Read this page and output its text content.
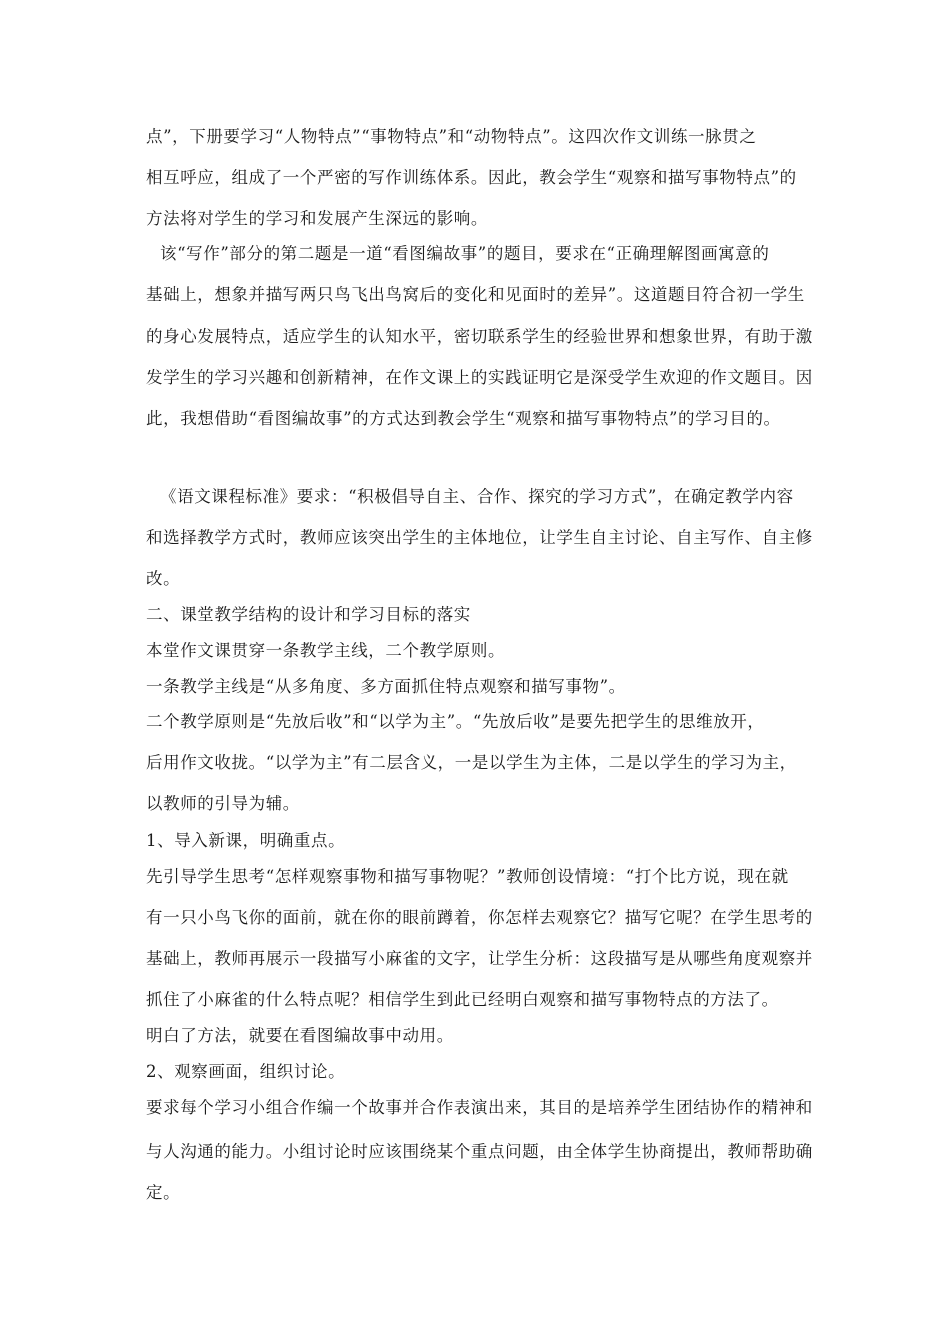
点”，下册要学习“人物特点”“事物特点”和“动物特点”。这四次作文训练一脉贯之
相互呼应，组成了一个严密的写作训练体系。因此，教会学生“观察和描写事物特点”的
方法将对学生的学习和发展产生深远的影响。
该“写作”部分的第二题是一道“看图编故事”的题目，要求在“正确理解图画寓意的
基础上，想象并描写两只鸟飞出鸟窝后的变化和见面时的差异”。这道题目符合初一学生
的身心发展特点，适应学生的认知水平，密切联系学生的经验世界和想象世界，有助于激
发学生的学习兴趣和创新精神，在作文课上的实践证明它是深受学生欢迎的作文题目。因
此，我想借助“看图编故事”的方式达到教会学生“观察和描写事物特点”的学习目的。
《语文课程标准》要求：“积极倡导自主、合作、探究的学习方式”，在确定教学内容
和选择教学方式时，教师应该突出学生的主体地位，让学生自主讨论、自主写作、自主修
改。
二、课堂教学结构的设计和学习目标的落实
本堂作文课贯穿一条教学主线，二个教学原则。
一条教学主线是“从多角度、多方面抓住特点观察和描写事物”。
二个教学原则是“先放后收”和“以学为主”。“先放后收”是要先把学生的思维放开，
后用作文收拢。“以学为主”有二层含义，一是以学生为主体，二是以学生的学习为主，
以教师的引导为辅。
1、导入新课，明确重点。
先引导学生思考“怎样观察事物和描写事物呢？”教师创设情境：“打个比方说，现在就
有一只小鸟飞你的面前，就在你的眼前蹲着，你怎样去观察它？描写它呢？在学生思考的
基础上，教师再展示一段描写小麻雀的文字，让学生分析：这段描写是从哪些角度观察并
抓住了小麻雀的什么特点呢？相信学生到此已经明白观察和描写事物特点的方法了。
明白了方法，就要在看图编故事中动用。
2、观察画面，组织讨论。
要求每个学习小组合作编一个故事并合作表演出来，其目的是培养学生团结协作的精神和
与人沟通的能力。小组讨论时应该围绕某个重点问题，由全体学生协商提出，教师帮助确
定。
